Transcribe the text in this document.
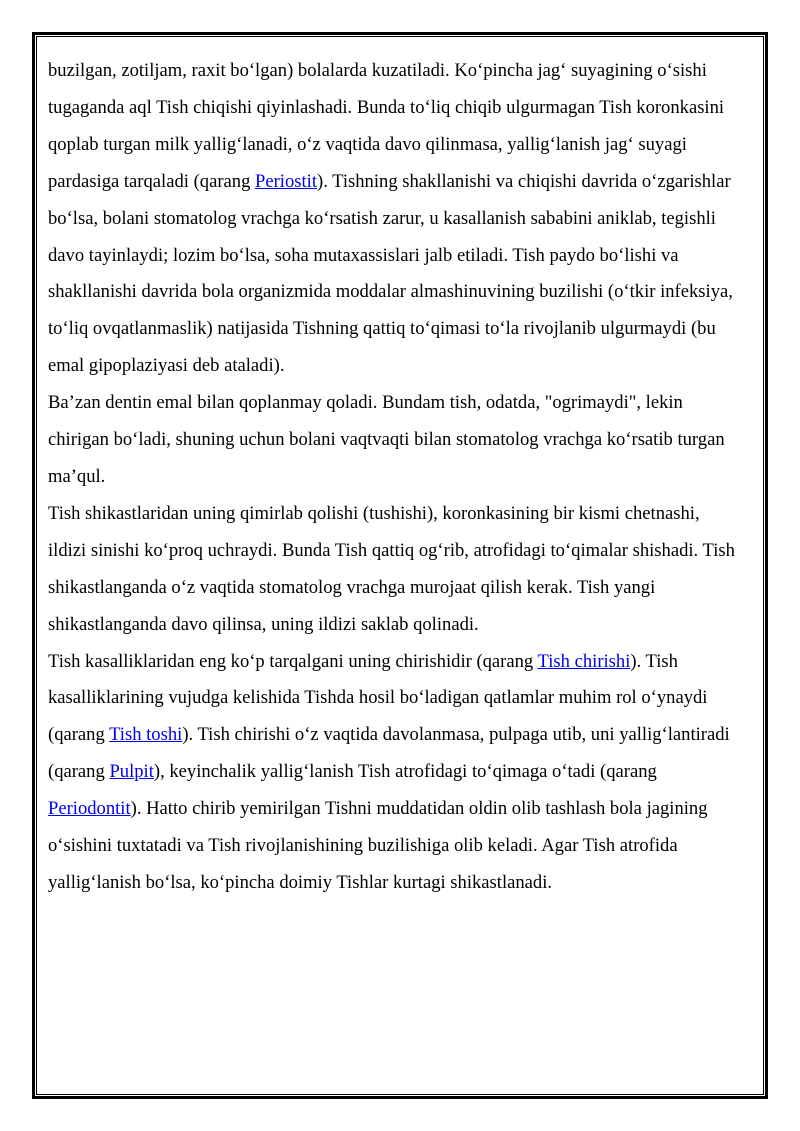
buzilgan, zotiljam, raxit bo‘lgan) bolalarda kuzatiladi. Ko‘pincha jag‘ suyagining o‘sishi tugaganda aql Tish chiqishi qiyinlashadi. Bunda to‘liq chiqib ulgurmagan Tish koronkasini qoplab turgan milk yallig‘lanadi, o‘z vaqtida davo qilinmasa, yallig‘lanish jag‘ suyagi pardasiga tarqaladi (qarang Periostit). Tishning shakllanishi va chiqishi davrida o‘zgarishlar bo‘lsa, bolani stomatolog vrachga ko‘rsatish zarur, u kasallanish sababini aniklab, tegishli davo tayinlaydi; lozim bo‘lsa, soha mutaxassislari jalb etiladi. Tish paydo bo‘lishi va shakllanishi davrida bola organizmida moddalar almashinuvining buzilishi (o‘tkir infeksiya, to‘liq ovqatlanmaslik) natijasida Tishning qattiq to‘qimasi to‘la rivojlanib ulgurmaydi (bu emal gipoplaziyasi deb ataladi).

Ba’zan dentin emal bilan qoplanmay qoladi. Bundam tish, odatda, "ogrimaydi", lekin chirigan bo‘ladi, shuning uchun bolani vaqtvaqti bilan stomatolog vrachga ko‘rsatib turgan ma’qul.

Tish shikastlaridan uning qimirlab qolishi (tushishi), koronkasining bir kismi chetnashi, ildizi sinishi ko‘proq uchraydi. Bunda Tish qattiq og‘rib, atrofidagi to‘qimalar shishadi. Tish shikastlanganda o‘z vaqtida stomatolog vrachga murojaat qilish kerak. Tish yangi shikastlanganda davo qilinsa, uning ildizi saklab qolinadi.

Tish kasalliklaridan eng ko‘p tarqalgani uning chirishidir (qarang Tish chirishi). Tish kasalliklarining vujudga kelishida Tishda hosil bo‘ladigan qatlamlar muhim rol o‘ynaydi (qarang Tish toshi). Tish chirishi o‘z vaqtida davolanmasa, pulpaga utib, uni yallig‘lantiradi (qarang Pulpit), keyinchalik yallig‘lanish Tish atrofidagi to‘qimaga o‘tadi (qarang Periodontit). Hatto chirib yemirilgan Tishni muddatidan oldin olib tashlash bola jagining o‘sishini tuxtatadi va Tish rivojlanishining buzilishiga olib keladi. Agar Tish atrofida yallig‘lanish bo‘lsa, ko‘pincha doimiy Tishlar kurtagi shikastlanadi.
